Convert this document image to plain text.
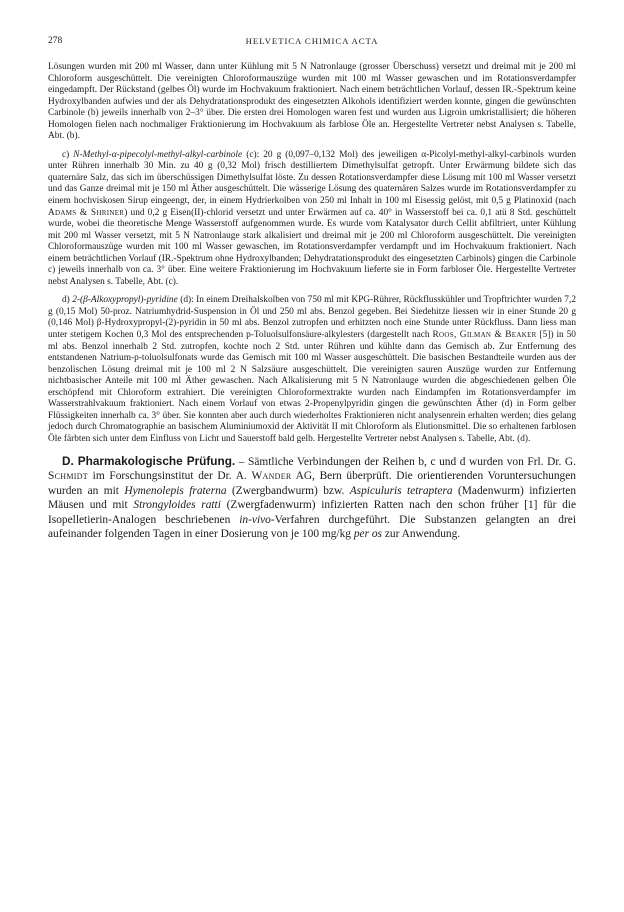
278	HELVETICA CHIMICA ACTA

Lösungen wurden mit 200 ml Wasser, dann unter Kühlung mit 5 N Natronlauge (grosser Überschuss) versetzt und dreimal mit je 200 ml Chloroform ausgeschüttelt. Die vereinigten Chloroformauszüge wurden mit 100 ml Wasser gewaschen und im Rotationsverdampfer eingedampft. Der Rückstand (gelbes Öl) wurde im Hochvakuum fraktioniert. Nach einem beträchtlichen Vorlauf, dessen IR.-Spektrum keine Hydroxylbanden aufwies und der als Dehydratationsprodukt des eingesetzten Alkohols identifiziert werden konnte, gingen die gewünschten Carbinole (b) jeweils innerhalb von 2–3° über. Die ersten drei Homologen waren fest und wurden aus Ligroin umkristallisiert; die höheren Homologen fielen nach nochmaliger Fraktionierung im Hochvakuum als farblose Öle an. Hergestellte Vertreter nebst Analysen s. Tabelle, Abt. (b).

c) N-Methyl-α-pipecolyl-methyl-alkyl-carbinole (c): 20 g (0,097–0,132 Mol) des jeweiligen α-Picolyl-methyl-alkyl-carbinols wurden unter Rühren innerhalb 30 Min. zu 40 g (0,32 Mol) frisch destilliertem Dimethylsulfat getropft. Unter Erwärmung bildete sich das quaternäre Salz, das sich im überschüssigen Dimethylsulfat löste. Zu dessen Rotationsverdampfer diese Lösung mit 100 ml Wasser versetzt und das Ganze dreimal mit je 150 ml Äther ausgeschüttelt. Die wässerige Lösung des quaternären Salzes wurde im Rotationsverdampfer zu einem hochviskosen Sirup eingeengt, der, in einem Hydrierkolben von 250 ml Inhalt in 100 ml Eisessig gelöst, mit 0,5 g Platinoxid (nach Adams & Shriner) und 0,2 g Eisen(II)-chlorid versetzt und unter Erwärmen auf ca. 40° in Wasserstoff bei ca. 0,1 atü 8 Std. geschüttelt wurde, wobei die theoretische Menge Wasserstoff aufgenommen wurde. Es wurde vom Katalysator durch Cellit abfiltriert, unter Kühlung mit 200 ml Wasser versetzt, mit 5 N Natronlauge stark alkalisiert und dreimal mit je 200 ml Chloroform ausgeschüttelt. Die vereinigten Chloroformauszüge wurden mit 100 ml Wasser gewaschen, im Rotationsverdampfer verdampft und im Hochvakuum fraktioniert. Nach einem beträchtlichen Vorlauf (IR.-Spektrum ohne Hydroxylbanden; Dehydratationsprodukt des eingesetzten Carbinols) gingen die Carbinole c) jeweils innerhalb von ca. 3° über. Eine weitere Fraktionierung im Hochvakuum lieferte sie in Form farbloser Öle. Hergestellte Vertreter nebst Analysen s. Tabelle, Abt. (c).

d) 2-(β-Alkoxypropyl)-pyridine (d): In einem Dreihalskolben von 750 ml mit KPG-Rührer, Rückflusskühler und Tropftrichter wurden 7,2 g (0,15 Mol) 50-proz. Natriumhydrid-Suspension in Öl und 250 ml abs. Benzol gegeben. Bei Siedehitze liessen wir in einer Stunde 20 g (0,146 Mol) β-Hydroxypropyl-(2)-pyridin in 50 ml abs. Benzol zutropfen und erhitzten noch eine Stunde unter Rückfluss. Dann liess man unter stetigem Kochen 0,3 Mol des entsprechenden p-Toluolsulfonsäure-alkylesters (dargestellt nach Roos, Gilman & Beaker [5]) in 50 ml abs. Benzol innerhalb 2 Std. zutropfen, kochte noch 2 Std. unter Rühren und kühlte dann das Gemisch ab. Zur Entfernung des entstandenen Natrium-p-toluolsulfonats wurde das Gemisch mit 100 ml Wasser ausgeschüttelt. Die basischen Bestandteile wurden aus der benzolischen Lösung dreimal mit je 100 ml 2 N Salzsäure ausgeschüttelt. Die vereinigten sauren Auszüge wurden zur Entfernung nichtbasischer Anteile mit 100 ml Äther gewaschen. Nach Alkalisierung mit 5 N Natronlauge wurden die abgeschiedenen gelben Öle erschöpfend mit Chloroform extrahiert. Die vereinigten Chloroformextrakte wurden nach Eindampfen im Rotationsverdampfer im Wasserstrahlvakuum fraktioniert. Nach einem Vorlauf von etwas 2-Propenylpyridin gingen die gewünschten Äther (d) in Form gelber Flüssigkeiten innerhalb ca. 3° über. Sie konnten aber auch durch wiederholtes Fraktionieren nicht analysenrein erhalten werden; dies gelang jedoch durch Chromatographie an basischem Aluminiumoxid der Aktivität II mit Chloroform als Elutionsmittel. Die so erhaltenen farblosen Öle färbten sich unter dem Einfluss von Licht und Sauerstoff bald gelb. Hergestellte Vertreter nebst Analysen s. Tabelle, Abt. (d).

D. Pharmakologische Prüfung. – Sämtliche Verbindungen der Reihen b, c und d wurden von Frl. Dr. G. Schmidt im Forschungsinstitut der Dr. A. Wander AG, Bern überprüft. Die orientierenden Voruntersuchungen wurden an mit Hymenolepis fraterna (Zwergbandwurm) bzw. Aspiculuris tetraptera (Madenwurm) infizierten Mäusen und mit Strongyloides ratti (Zwergfadenwurm) infizierten Ratten nach den schon früher [1] für die Isopelletierin-Analogen beschriebenen in-vivo-Verfahren durchgeführt. Die Substanzen gelangten an drei aufeinander folgenden Tagen in einer Dosierung von je 100 mg/kg per os zur Anwendung.
